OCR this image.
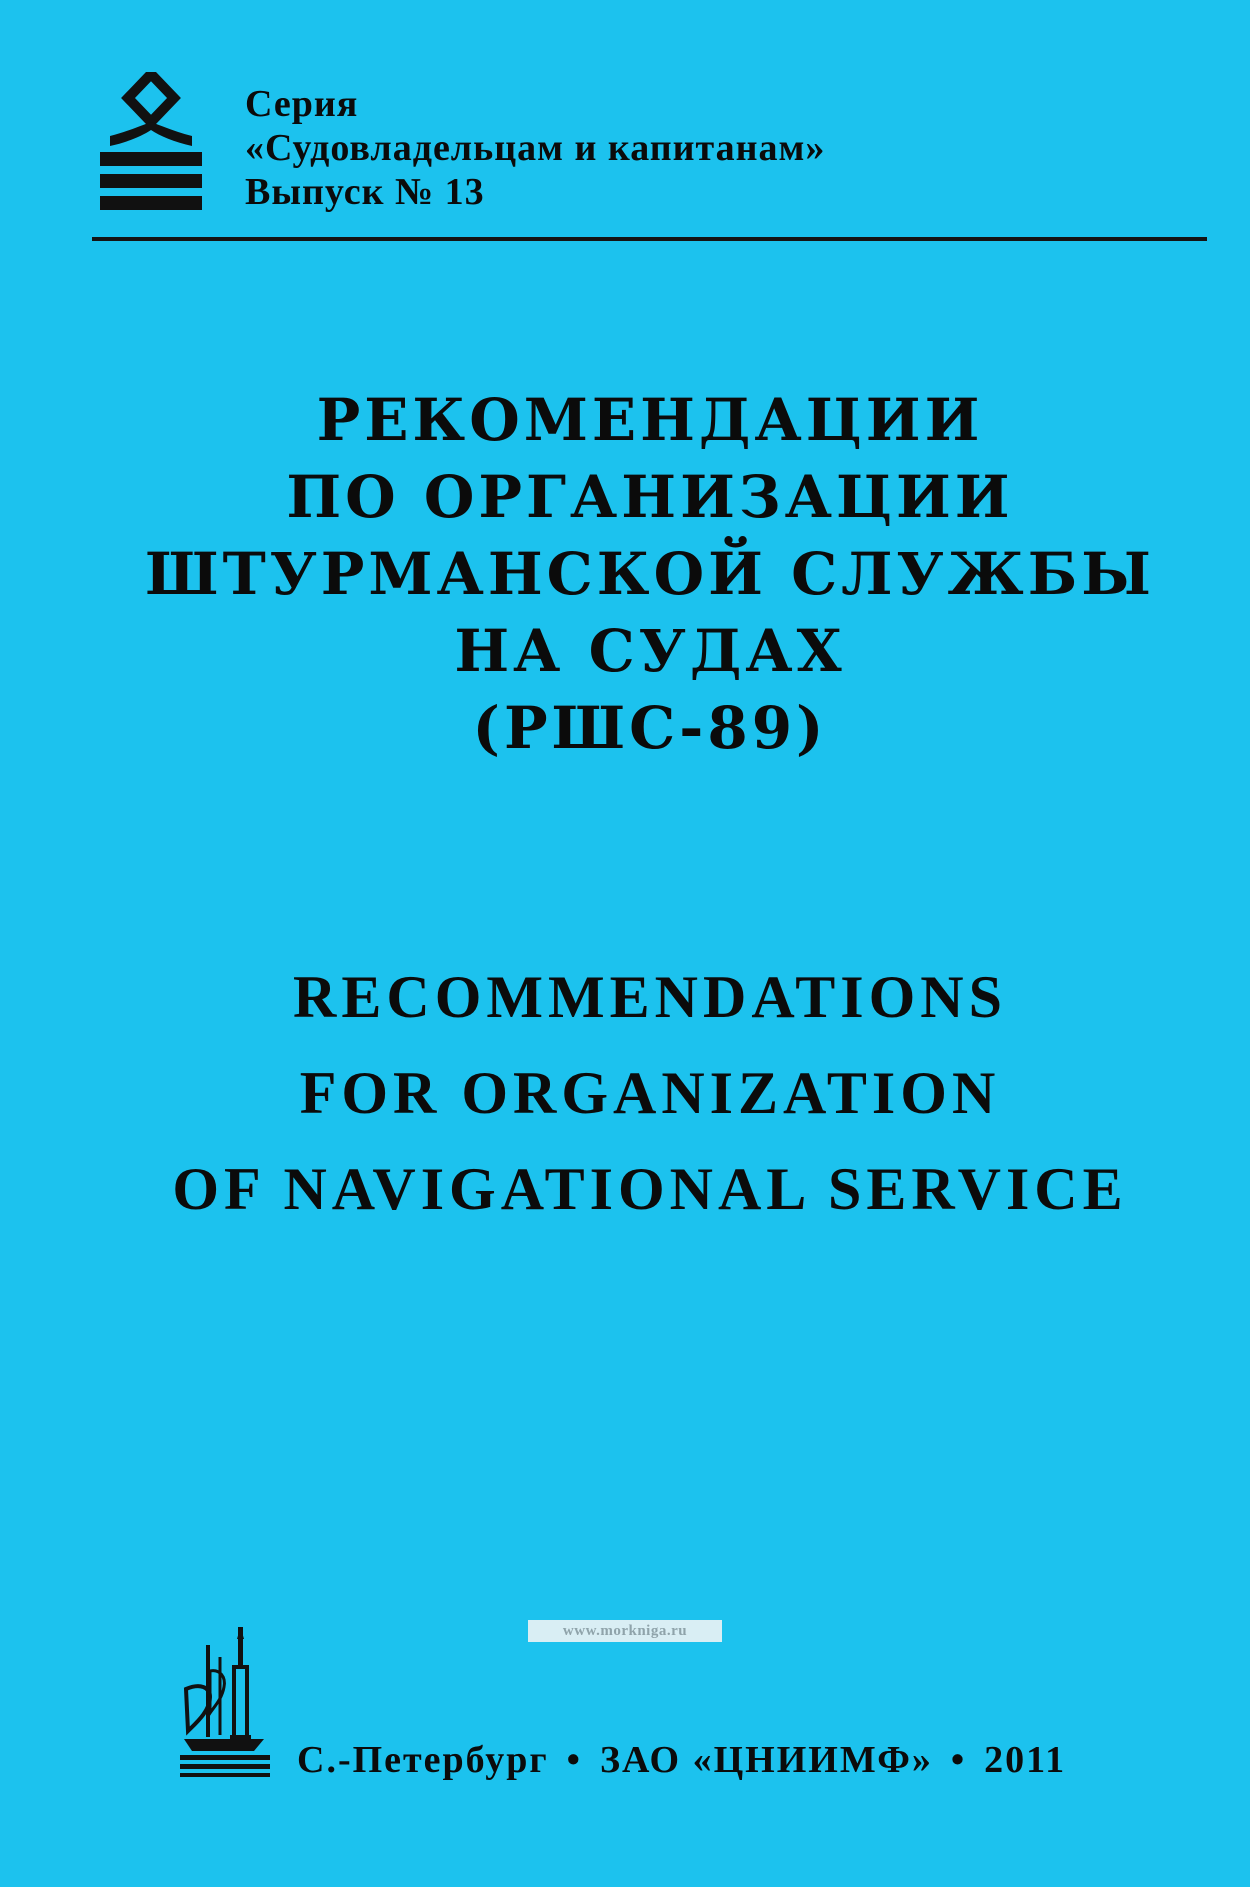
Серия
«Судовладельцам и капитанам»
Выпуск № 13
РЕКОМЕНДАЦИИ
ПО ОРГАНИЗАЦИИ
ШТУРМАНСКОЙ СЛУЖБЫ
НА СУДАХ
(РШС-89)
RECOMMENDATIONS
FOR ORGANIZATION
OF NAVIGATIONAL SERVICE
www.morkniga.ru
С.-Петербург • ЗАО «ЦНИИМФ» • 2011
